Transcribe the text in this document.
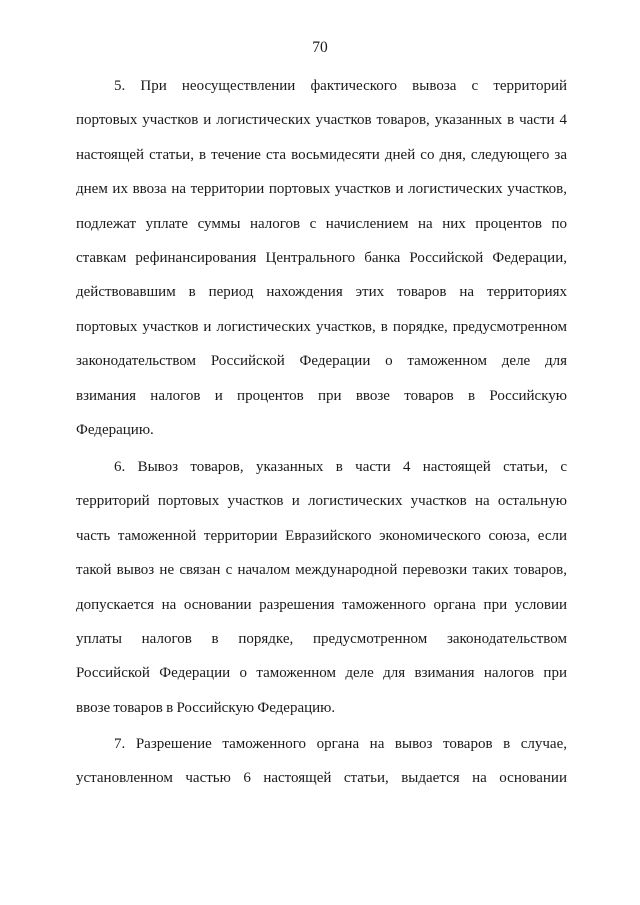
70
5. При неосуществлении фактического вывоза с территорий
портовых участков и логистических участков товаров, указанных в части 4
настоящей статьи, в течение ста восьмидесяти дней со дня, следующего за
днем их ввоза на территории портовых участков и логистических участков,
подлежат уплате суммы налогов с начислением на них процентов по
ставкам рефинансирования Центрального банка Российской Федерации,
действовавшим в период нахождения этих товаров на территориях
портовых участков и логистических участков, в порядке, предусмотренном
законодательством Российской Федерации о таможенном деле для
взимания налогов и процентов при ввозе товаров в Российскую
Федерацию.
6. Вывоз товаров, указанных в части 4 настоящей статьи, с
территорий портовых участков и логистических участков на остальную
часть таможенной территории Евразийского экономического союза, если
такой вывоз не связан с началом международной перевозки таких товаров,
допускается на основании разрешения таможенного органа при условии
уплаты налогов в порядке, предусмотренном законодательством
Российской Федерации о таможенном деле для взимания налогов при
ввозе товаров в Российскую Федерацию.
7. Разрешение таможенного органа на вывоз товаров в случае,
установленном частью 6 настоящей статьи, выдается на основании
